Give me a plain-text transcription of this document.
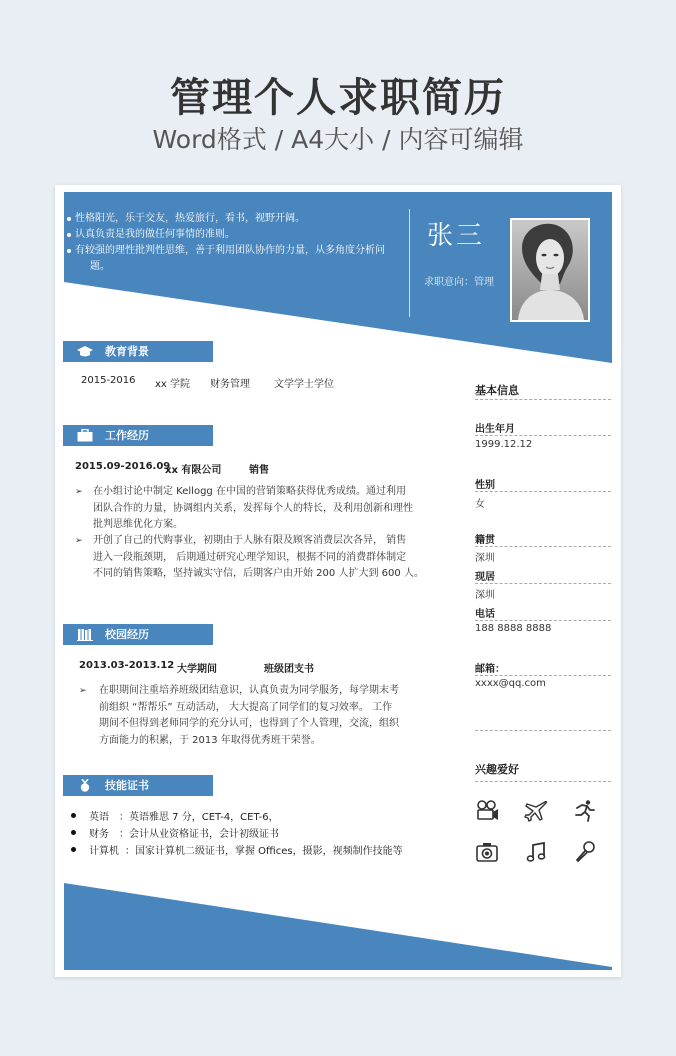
管理个人求职简历
Word格式 / A4大小 / 内容可编辑
性格阳光，乐于交友，热爱旅行，看书，视野开阔。
认真负责是我的做任何事情的准则。
有较强的理性批判性思维，善于利用团队协作的力量，从多角度分析问
题。
张三
求职意向：管理
教育背景
2015-2016 xx 学院 财务管理 文学学士学位
工作经历
2015.09-2016.09
xx 有限公司	销售
➢ 在小组讨论中制定 Kellogg 在中国的营销策略获得优秀成绩。通过利用
团队合作的力量，协调组内关系，发挥每个人的特长，及利用创新和理性
批判思维优化方案。
➢ 开创了自己的代购事业，初期由于人脉有限及顾客消费层次各异， 销售
进入一段瓶颈期， 后期通过研究心理学知识，根据不同的消费群体制定
不同的销售策略，坚持诚实守信，后期客户由开始 200 人扩大到 600 人。
校园经历
2013.03-2013.12 大学期间	班级团支书
➢ 在职期间注重培养班级团结意识，认真负责为同学服务，每学期末考
前组织 “帮帮乐” 互动活动， 大大提高了同学们的复习效率。 工作
期间不但得到老师同学的充分认可，也得到了个人管理，交流，组织
方面能力的积累，于 2013 年取得优秀班干荣誉。
技能证书
英语 ：英语雅思 7 分，CET-4，CET-6，
财务 ：会计从业资格证书，会计初级证书
计算机 ：国家计算机二级证书，掌握 Offices，摄影，视频制作技能等
基本信息
出生年月
1999.12.12
性别
女
籍贯
深圳
现居
深圳
电话
188 8888 8888
邮箱：
xxxx@qq.com
兴趣爱好
